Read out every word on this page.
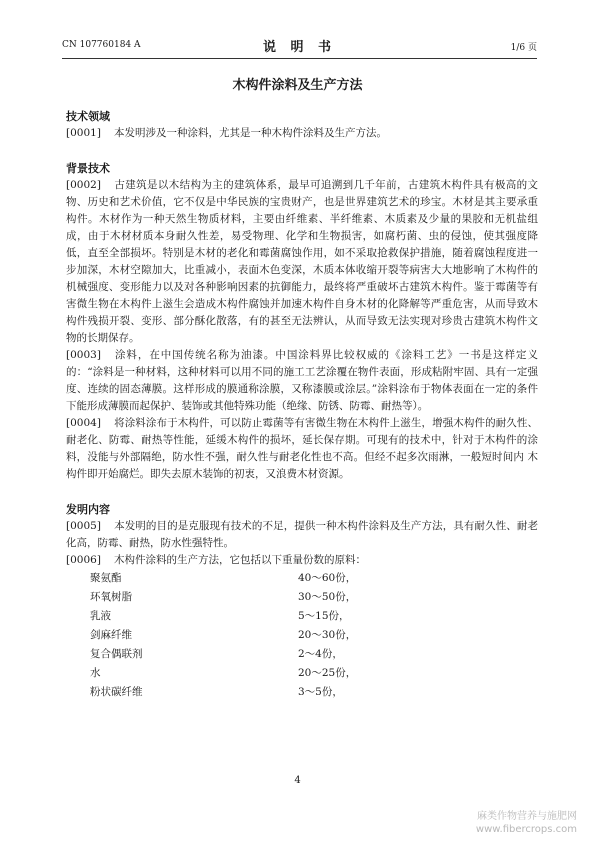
CN 107760184 A	说 明 书	1/6 页
木构件涂料及生产方法

技术领域

[0001] 本发明涉及一种涂料，尤其是一种木构件涂料及生产方法。

背景技术

[0002] 古建筑是以木结构为主的建筑体系，最早可追溯到几千年前，古建筑木构件具有极高的文物、历史和艺术价值，它不仅是中华民族的宝贵财产，也是世界建筑艺术的珍宝。木材是其主要承重构件。木材作为一种天然生物质材料，主要由纤维素、半纤维素、木质素及少量的果胶和无机盐组成，由于木材材质本身耐久性差，易受物理、化学和生物损害，如腐朽菌、虫的侵蚀，使其强度降低，直至全部损坏。特别是木材的老化和霉菌腐蚀作用，如不采取抢救保护措施，随着腐蚀程度进一步加深，木材空隙加大，比重减小，表面木色变深，木质本体收缩开裂等病害大大地影响了木构件的机械强度、变形能力以及对各种影响因素的抗御能力，最终将严重破坏古建筑木构件。鉴于霉菌等有害微生物在木构件上滋生会造成木构件腐蚀并加速木构件自身木材的化降解等严重危害，从而导致木构件残损开裂、变形、部分酥化散落，有的甚至无法辨认，从而导致无法实现对珍贵古建筑木构件文物的长期保存。

[0003] 涂料，在中国传统名称为油漆。中国涂料界比较权威的《涂料工艺》一书是这样定义的：“涂料是一种材料，这种材料可以用不同的施工工艺涂覆在物件表面，形成粘附牢固、具有一定强度、连续的固态薄膜。这样形成的膜通称涂膜，又称漆膜或涂层。”涂料涂布于物体表面在一定的条件下能形成薄膜而起保护、装饰或其他特殊功能（绝缘、防锈、防霉、耐热等）。

[0004] 将涂料涂布于木构件，可以防止霉菌等有害微生物在木构件上滋生，增强木构件的耐久性、耐老化、防霉、耐热等性能，延缓木构件的损坏，延长保存期。可现有的技术中，针对于木构件的涂料，没能与外部隔绝，防水性不强，耐久性与耐老化性也不高。但经不起多次雨淋，一般短时间内 木构件即开始腐烂。即失去原木装饰的初衷，又浪费木材资源。

发明内容

[0005] 本发明的目的是克服现有技术的不足，提供一种木构件涂料及生产方法，具有耐久性、耐老化高，防霉、耐热，防水性强特性。

[0006] 木构件涂料的生产方法，它包括以下重量份数的原料：

聚氨酯	40～60份，
环氧树脂	30～50份，
乳液	5～15份，
剑麻纤维	20～30份，
复合偶联剂	2～4份，
水	20～25份，
粉状碳纤维	3～5份，
4
麻类作物营养与施肥网
www.fibercrops.com
